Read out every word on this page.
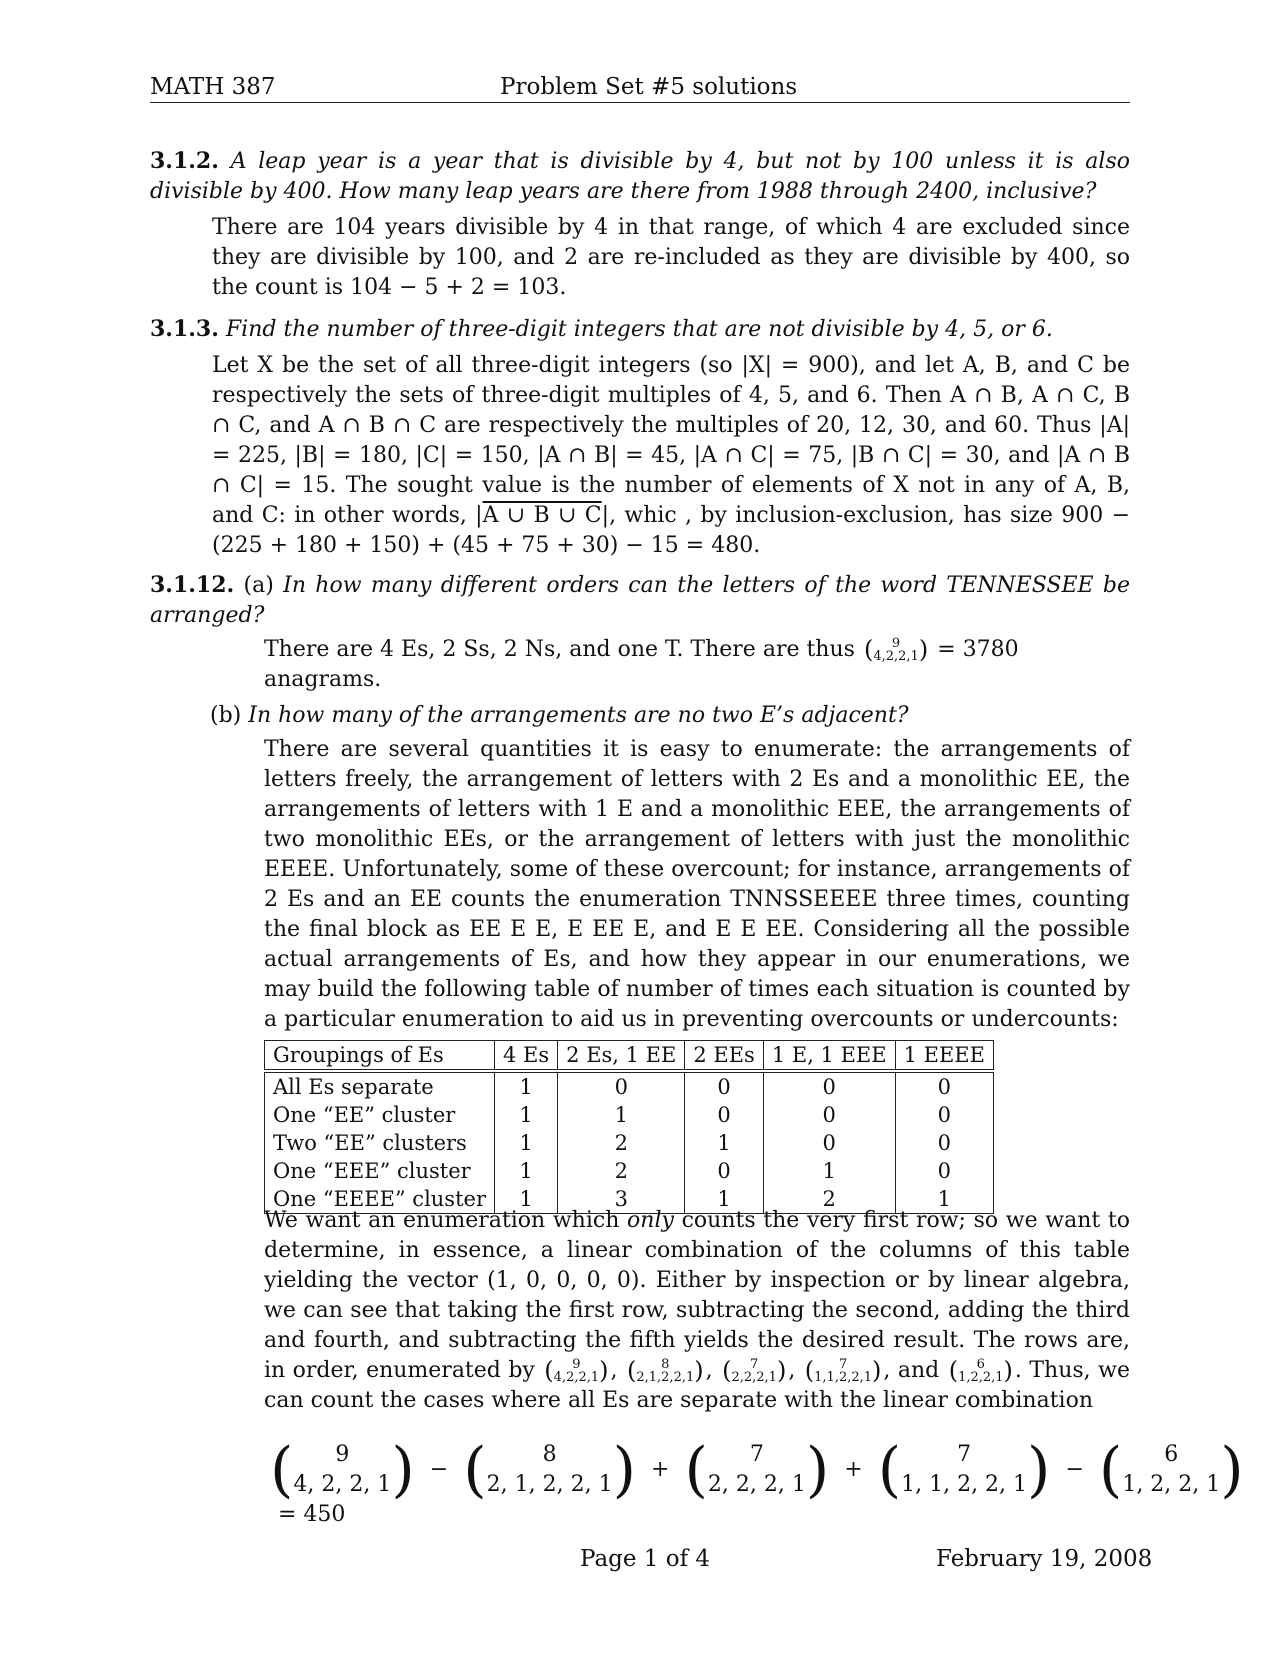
MATH 387	Problem Set #5 solutions
3.1.2. A leap year is a year that is divisible by 4, but not by 100 unless it is also divisible by 400. How many leap years are there from 1988 through 2400, inclusive?
There are 104 years divisible by 4 in that range, of which 4 are excluded since they are divisible by 100, and 2 are re-included as they are divisible by 400, so the count is 104 − 5 + 2 = 103.
3.1.3. Find the number of three-digit integers that are not divisible by 4, 5, or 6.
Let X be the set of all three-digit integers (so |X| = 900), and let A, B, and C be respectively the sets of three-digit multiples of 4, 5, and 6. Then A ∩ B, A ∩ C, B ∩ C, and A ∩ B ∩ C are respectively the multiples of 20, 12, 30, and 60. Thus |A| = 225, |B| = 180, |C| = 150, |A ∩ B| = 45, |A ∩ C| = 75, |B ∩ C| = 30, and |A ∩ B ∩ C| = 15. The sought value is the number of elements of X not in any of A, B, and C: in other words, |A ∪ B ∪ C|, whic , by inclusion-exclusion, has size 900 − (225 + 180 + 150) + (45 + 75 + 30) − 15 = 480.
3.1.12. (a) In how many different orders can the letters of the word TENNESSEE be arranged?
There are 4 Es, 2 Ss, 2 Ns, and one T. There are thus (	9
4,2,2,1 ) = 3780 anagrams.
(b) In how many of the arrangements are no two E’s adjacent?
There are several quantities it is easy to enumerate: the arrangements of letters freely, the arrangement of letters with 2 Es and a monolithic EE, the arrangements of letters with 1 E and a monolithic EEE, the arrangements of two monolithic EEs, or the arrangement of letters with just the monolithic EEEE. Unfortunately, some of these overcount; for instance, arrangements of 2 Es and an EE counts the enumeration TNNSSEEEE three times, counting the final block as EE E E, E EE E, and E E EE. Considering all the possible actual arrangements of Es, and how they appear in our enumerations, we may build the following table of number of times each situation is counted by a particular enumeration to aid us in preventing overcounts or undercounts:
Groupings of Es	4 Es	2 Es, 1 EE	2 EEs	1 E, 1 EEE	1 EEEE
All Es separate	1	0	0	0	0
One “EE” cluster	1	1	0	0	0
Two “EE” clusters	1	2	1	0	0
One “EEE” cluster	1	2	0	1	0
One “EEEE” cluster	1	3	1	2	1
We want an enumeration which only counts the very first row; so we want to determine, in essence, a linear combination of the columns of this table yielding the vector (1, 0, 0, 0, 0). Either by inspection or by linear algebra, we can see that taking the first row, subtracting the second, adding the third and fourth, and subtracting the fifth yields the desired result. The rows are, in order, enumerated by (	9
4,2,2,1 ), (	8
2,1,2,2,1 ), (	7
2,2,2,1 ), (	7
1,1,2,2,1 ), and (	6
1,2,2,1 ). Thus, we can count the cases where all Es are separate with the linear combination
(	9
4, 2, 2, 1 ) − (	8
2, 1, 2, 2, 1 ) + (	7
2, 2, 2, 1 ) + (	7
1, 1, 2, 2, 1 ) − (	6
1, 2, 2, 1 ) = 450
Page 1 of 4	February 19, 2008
